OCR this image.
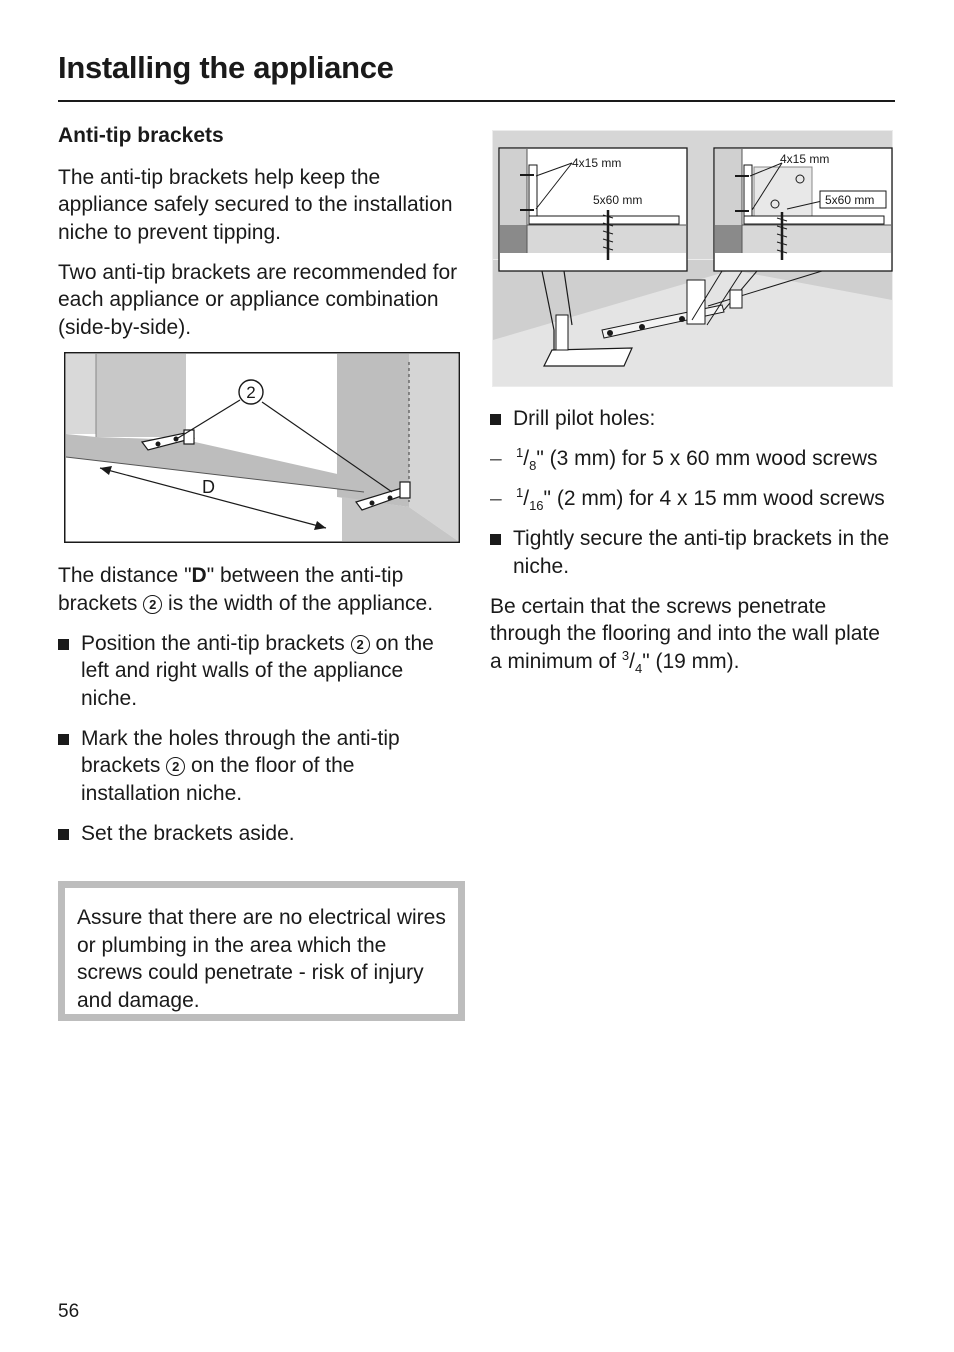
Installing the appliance
Anti-tip brackets

The anti-tip brackets help keep the appliance safely secured to the installation niche to prevent tipping.

Two anti-tip brackets are recommended for each appliance or appliance combination (side-by-side).

2
D

The distance "D" between the anti-tip brackets 2 is the width of the appliance.

Position the anti-tip brackets 2 on the left and right walls of the appliance niche.
Mark the holes through the anti-tip brackets 2 on the floor of the installation niche.
Set the brackets aside.
Assure that there are no electrical wires or plumbing in the area which the screws could penetrate - risk of injury and damage.
4x15 mm
5x60 mm
4x15 mm
5x60 mm
Drill pilot holes:
– $^1/_8$" (3 mm) for 5 x 60 mm wood screws
– $^1/_{16}$" (2 mm) for 4 x 15 mm wood screws
Tightly secure the anti-tip brackets in the niche.

Be certain that the screws penetrate through the flooring and into the wall plate a minimum of $^3/_4$" (19 mm).

56
